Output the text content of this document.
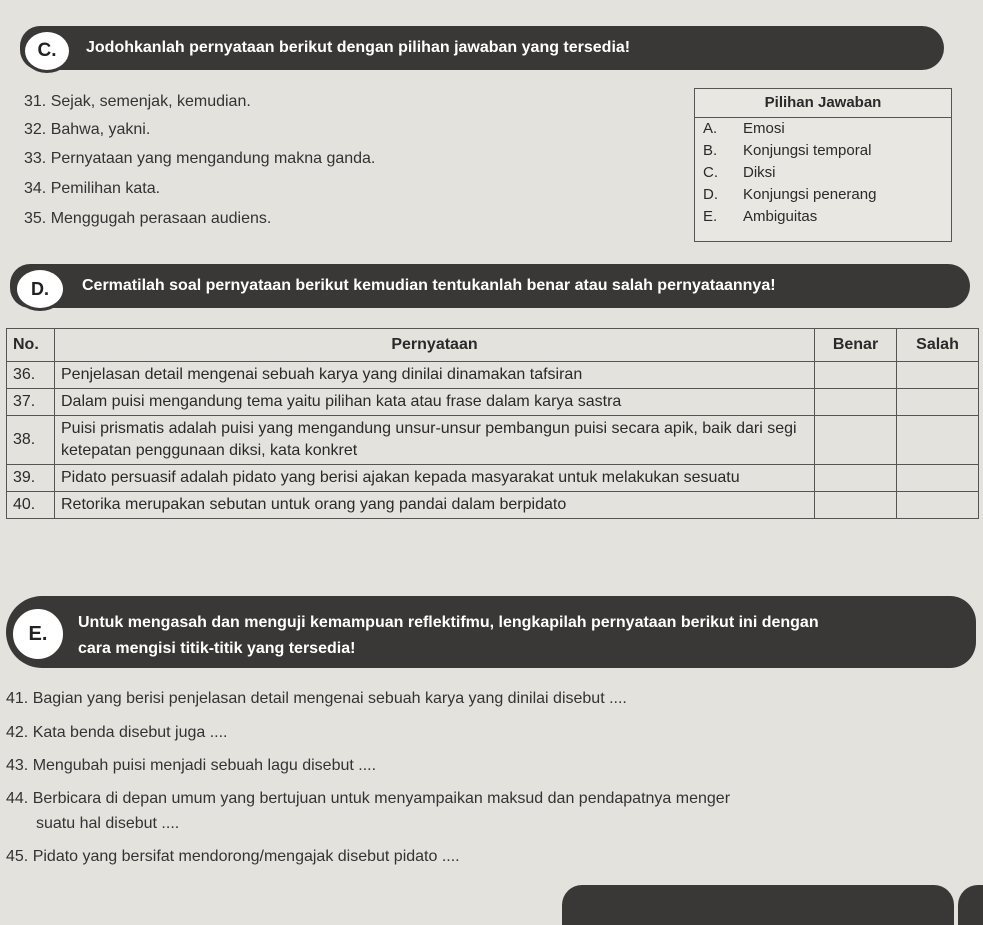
Jodohkanlah pernyataan berikut dengan pilihan jawaban yang tersedia!
C.
31. Sejak, semenjak, kemudian.
32. Bahwa, yakni.
33. Pernyataan yang mengandung makna ganda.
34. Pemilihan kata.
35. Menggugah perasaan audiens.
Pilihan Jawaban
A. Emosi
B. Konjungsi temporal
C. Diksi
D. Konjungsi penerang
E. Ambiguitas
Cermatilah soal pernyataan berikut kemudian tentukanlah benar atau salah pernyataannya!
D.
No.	Pernyataan	Benar	Salah
36.	Penjelasan detail mengenai sebuah karya yang dinilai dinamakan tafsiran		
37.	Dalam puisi mengandung tema yaitu pilihan kata atau frase dalam karya sastra		
38.	Puisi prismatis adalah puisi yang mengandung unsur-unsur pembangun puisi secara apik, baik dari segi ketepatan penggunaan diksi, kata konkret		
39.	Pidato persuasif adalah pidato yang berisi ajakan kepada masyarakat untuk melakukan sesuatu		
40.	Retorika merupakan sebutan untuk orang yang pandai dalam berpidato		
Untuk mengasah dan menguji kemampuan reflektifmu, lengkapilah pernyataan berikut ini dengan
cara mengisi titik-titik yang tersedia!
E.
41. Bagian yang berisi penjelasan detail mengenai sebuah karya yang dinilai disebut ....
42. Kata benda disebut juga ....
43. Mengubah puisi menjadi sebuah lagu disebut ....
44. Berbicara di depan umum yang bertujuan untuk menyampaikan maksud dan pendapatnya menger
suatu hal disebut ....
45. Pidato yang bersifat mendorong/mengajak disebut pidato ....
